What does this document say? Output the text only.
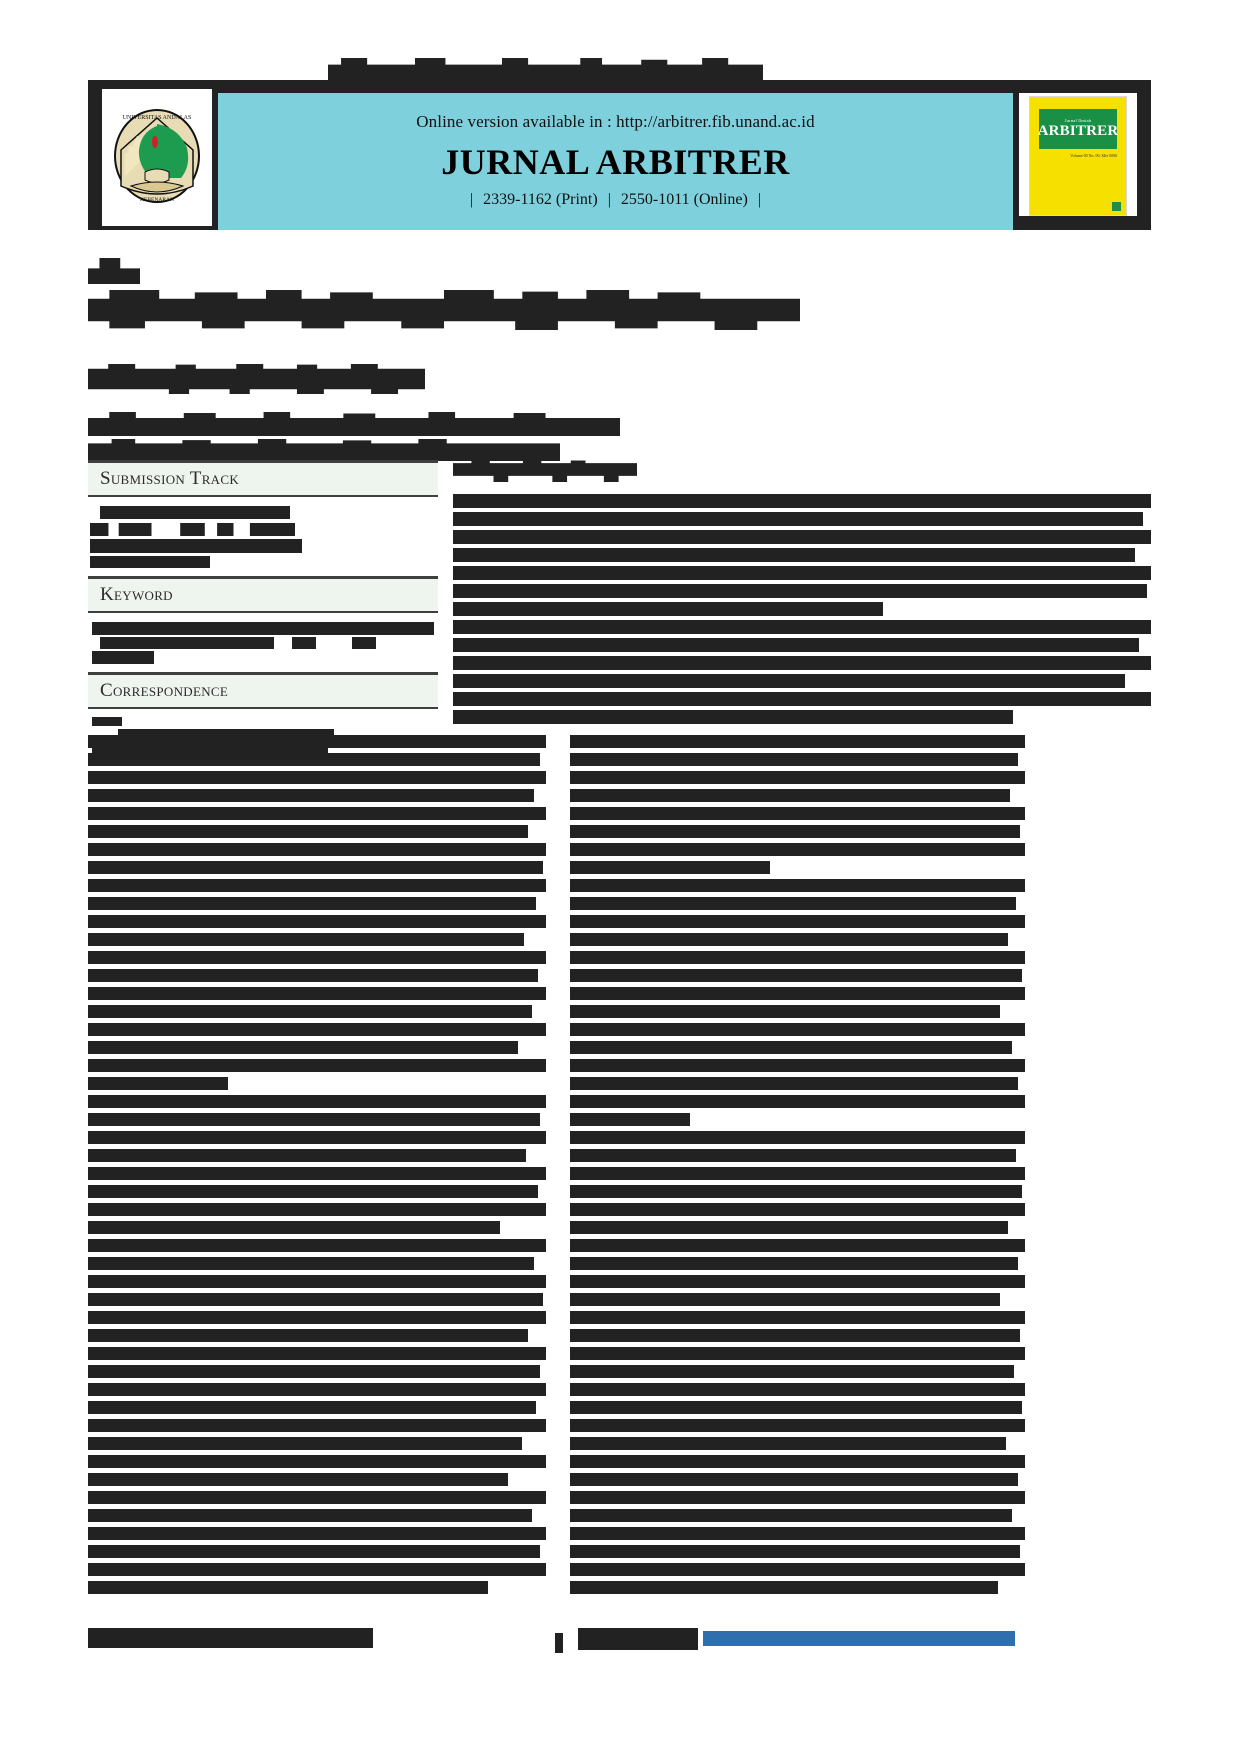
UNIVERSITAS ANDALAS
KEBENARAN
Online version available in : http://arbitrer.fib.unand.ac.id
JURNAL ARBITRER
| 2339-1162 (Print) | 2550-1011 (Online) |
Jurnal Ilmiah
ARBITRER
Volume 00 No. 00, Mei 0000
Submission Track
Keyword
Correspondence
